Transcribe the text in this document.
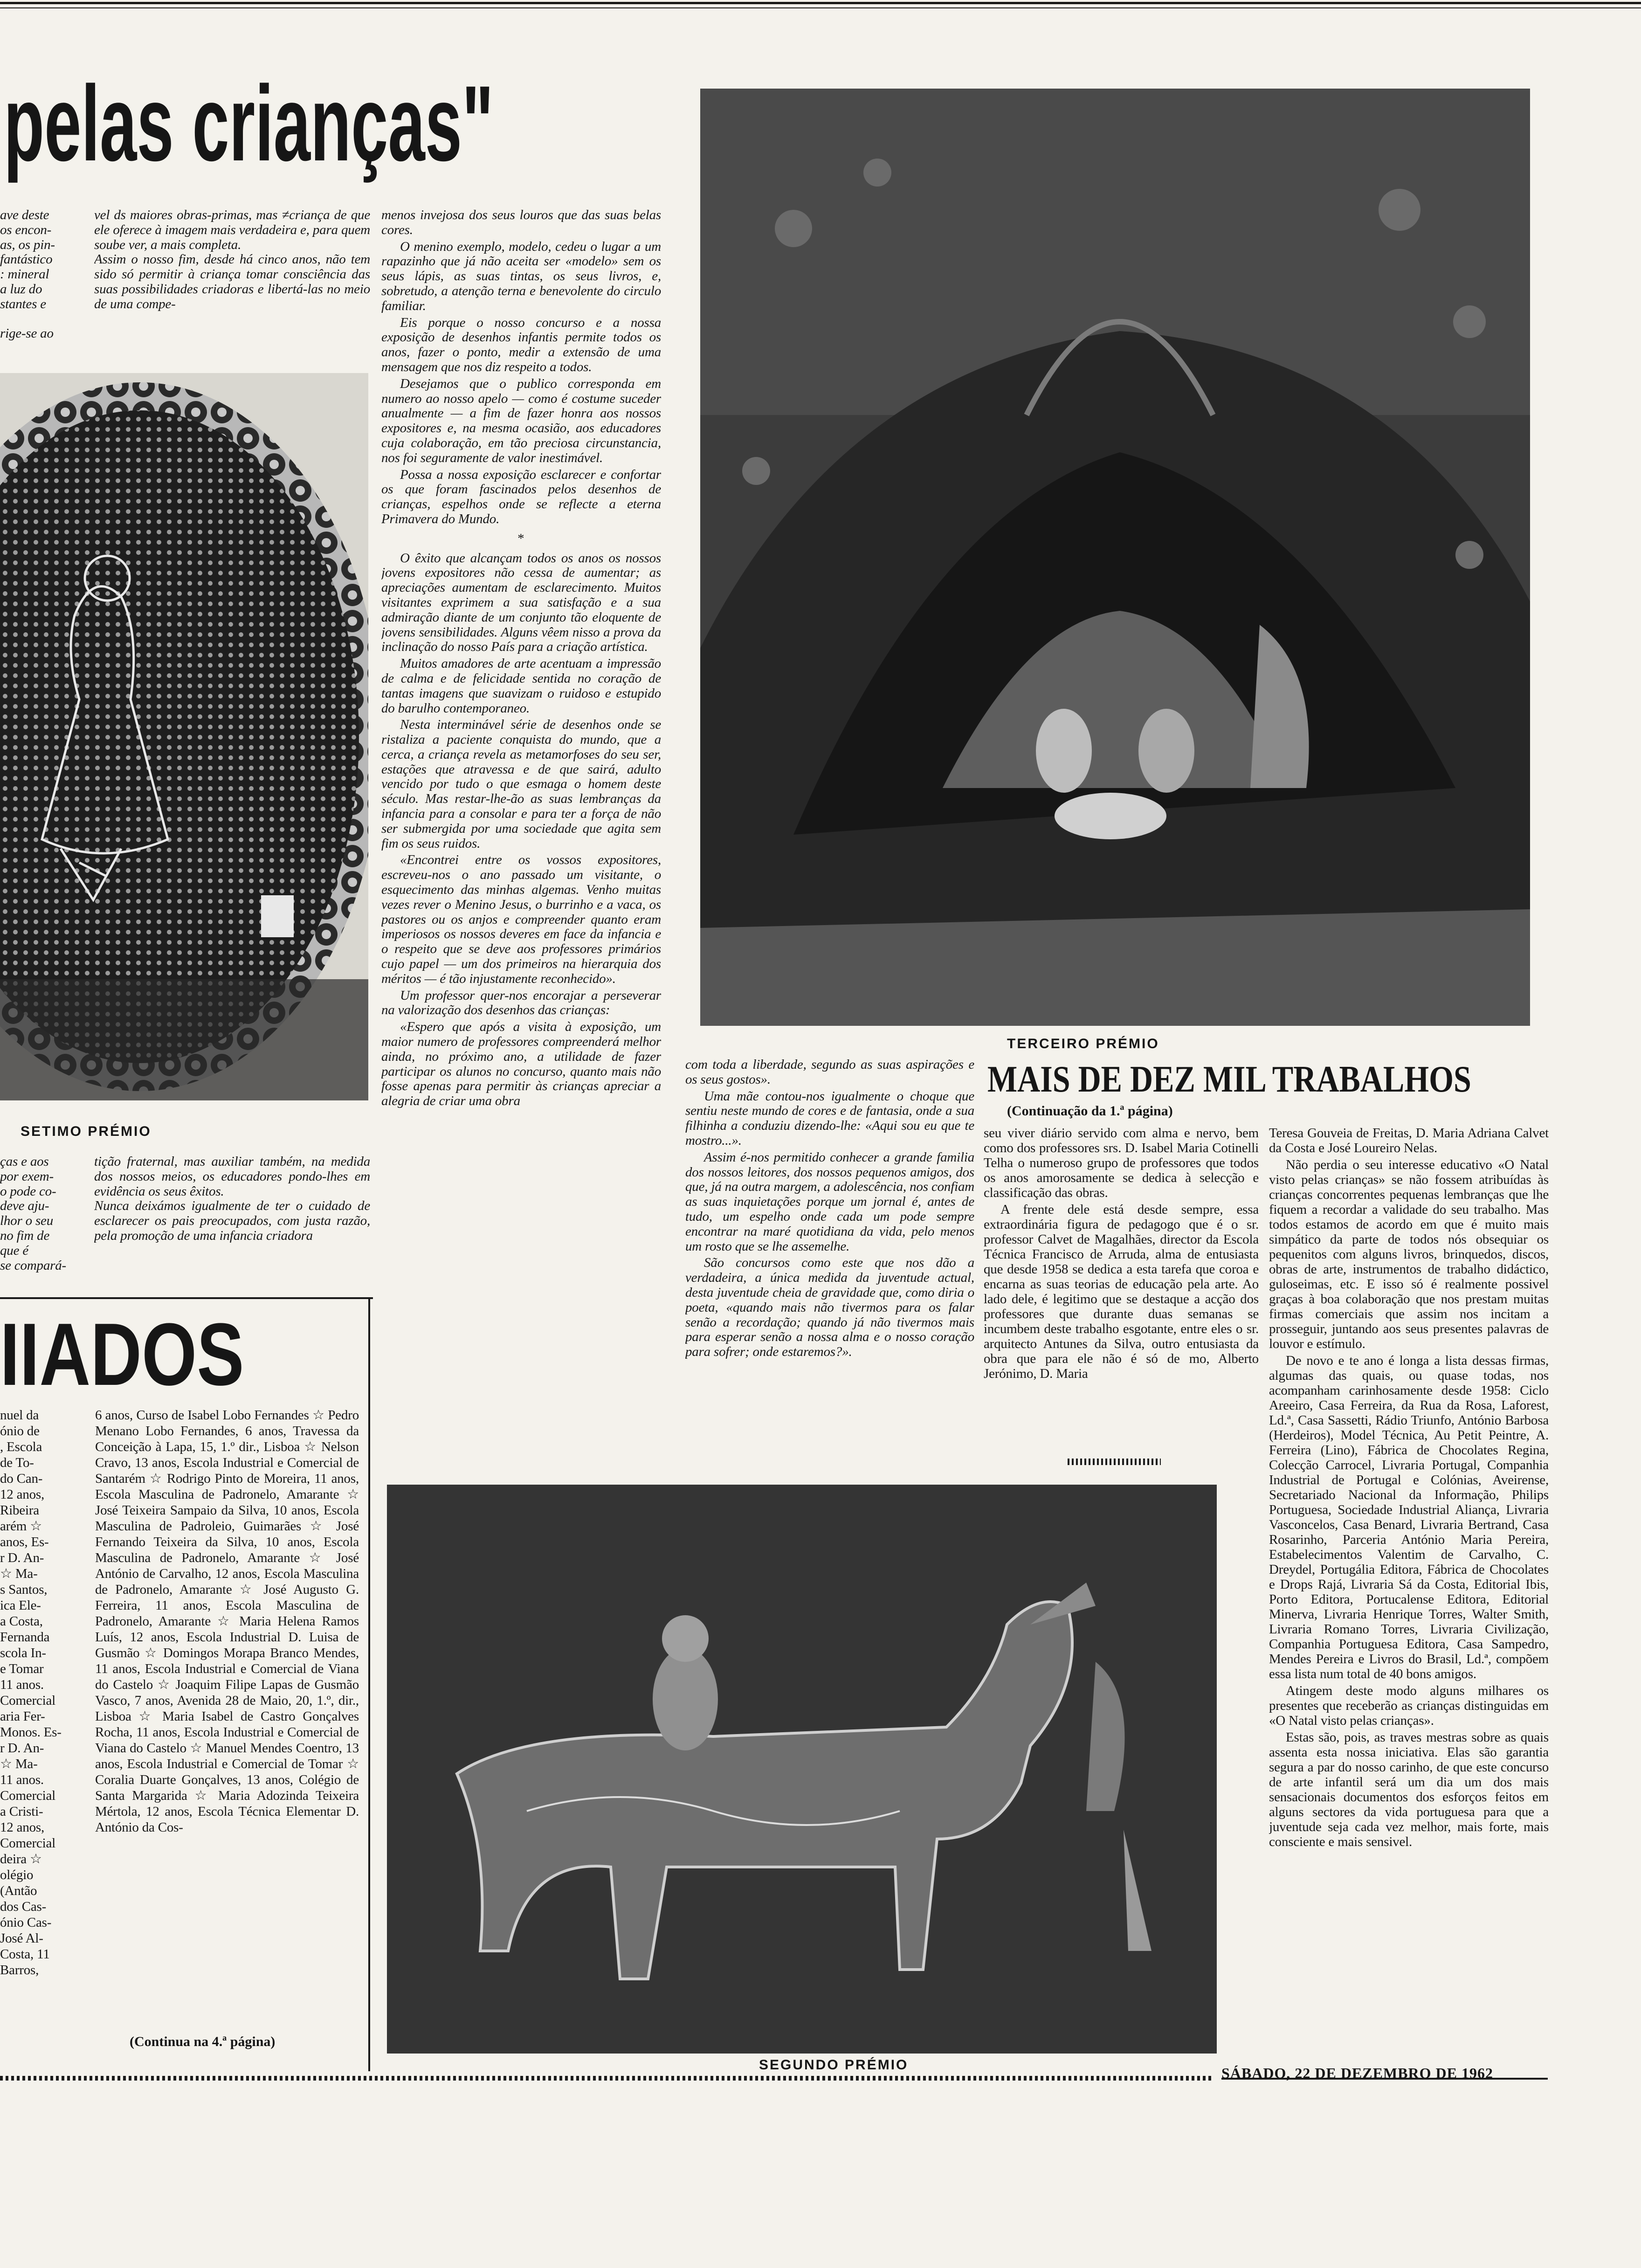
pelas crianças"
ave deste
os encon-
as, os pin-
fantástico
: mineral
a luz do
stantes e

rige-se ao
vel ds maiores obras-primas, mas ≠criança de que ele oferece à imagem mais verdadeira e, para quem soube ver, a mais completa.
Assim o nosso fim, desde há cinco anos, não tem sido só permitir à criança tomar consciência das suas possibilidades criadoras e libertá-las no meio de uma compe-
SETIMO PRÉMIO
ças e aos
por exem-
o pode co-
deve aju-
lhor o seu
no fim de
que é
se compará-
tição fraternal, mas auxiliar também, na medida dos nossos meios, os educadores pondo-lhes em evidência os seus êxitos.
Nunca deixámos igualmente de ter o cuidado de esclarecer os pais preocupados, com justa razão, pela promoção de uma infancia criadora

menos invejosa dos seus louros que das suas belas cores.

O menino exemplo, modelo, cedeu o lugar a um rapazinho que já não aceita ser «modelo» sem os seus lápis, as suas tintas, os seus livros, e, sobretudo, a atenção terna e benevolente do circulo familiar.

Eis porque o nosso concurso e a nossa exposição de desenhos infantis permite todos os anos, fazer o ponto, medir a extensão de uma mensagem que nos diz respeito a todos.

Desejamos que o publico corresponda em numero ao nosso apelo — como é costume suceder anualmente — a fim de fazer honra aos nossos expositores e, na mesma ocasião, aos educadores cuja colaboração, em tão preciosa circunstancia, nos foi seguramente de valor inestimável.

Possa a nossa exposição esclarecer e confortar os que foram fascinados pelos desenhos de crianças, espelhos onde se reflecte a eterna Primavera do Mundo.

*

O êxito que alcançam todos os anos os nossos jovens expositores não cessa de aumentar; as apreciações aumentam de esclarecimento. Muitos visitantes exprimem a sua satisfação e a sua admiração diante de um conjunto tão eloquente de jovens sensibilidades. Alguns vêem nisso a prova da inclinação do nosso País para a criação artística.

Muitos amadores de arte acentuam a impressão de calma e de felicidade sentida no coração de tantas imagens que suavizam o ruidoso e estupido do barulho contemporaneo.

Nesta interminável série de desenhos onde se ristaliza a paciente conquista do mundo, que a cerca, a criança revela as metamorfoses do seu ser, estações que atravessa e de que sairá, adulto vencido por tudo o que esmaga o homem deste século. Mas restar-lhe-ão as suas lembranças da infancia para a consolar e para ter a força de não ser submergida por uma sociedade que agita sem fim os seus ruidos.

«Encontrei entre os vossos expositores, escreveu-nos o ano passado um visitante, o esquecimento das minhas algemas. Venho muitas vezes rever o Menino Jesus, o burrinho e a vaca, os pastores ou os anjos e compreender quanto eram imperiosos os nossos deveres em face da infancia e o respeito que se deve aos professores primários cujo papel — um dos primeiros na hierarquia dos méritos — é tão injustamente reconhecido».

Um professor quer-nos encorajar a perseverar na valorização dos desenhos das crianças:

«Espero que após a visita à exposição, um maior numero de professores compreenderá melhor ainda, no próximo ano, a utilidade de fazer participar os alunos no concurso, quanto mais não fosse apenas para permitir às crianças apreciar a alegria de criar uma obra

TERCEIRO PRÉMIO
MAIS DE DEZ MIL TRABALHOS
(Continuação da 1.ª página)

com toda a liberdade, segundo as suas aspirações e os seus gostos».

Uma mãe contou-nos igualmente o choque que sentiu neste mundo de cores e de fantasia, onde a sua filhinha a conduziu dizendo-lhe: «Aqui sou eu que te mostro...».

Assim é-nos permitido conhecer a grande familia dos nossos leitores, dos nossos pequenos amigos, dos que, já na outra margem, a adolescência, nos confiam as suas inquietações porque um jornal é, antes de tudo, um espelho onde cada um pode sempre encontrar na maré quotidiana da vida, pelo menos um rosto que se lhe assemelhe.

São concursos como este que nos dão a verdadeira, a única medida da juventude actual, desta juventude cheia de gravidade que, como diria o poeta, «quando mais não tivermos para os falar senão a recordação; quando já não tivermos mais para esperar senão a nossa alma e o nosso coração para sofrer; onde estaremos?».

seu viver diário servido com alma e nervo, bem como dos professores srs. D. Isabel Maria Cotinelli Telha o numeroso grupo de professores que todos os anos amorosamente se dedica à selecção e classificação das obras.

A frente dele está desde sempre, essa extraordinária figura de pedagogo que é o sr. professor Calvet de Magalhães, director da Escola Técnica Francisco de Arruda, alma de entusiasta que desde 1958 se dedica a esta tarefa que coroa e encarna as suas teorias de educação pela arte. Ao lado dele, é legitimo que se destaque a acção dos professores que durante duas semanas se incumbem deste trabalho esgotante, entre eles o sr. arquitecto Antunes da Silva, outro entusiasta da obra que para ele não é só de mo, Alberto Jerónimo, D. Maria

Teresa Gouveia de Freitas, D. Maria Adriana Calvet da Costa e José Loureiro Nelas.

Não perdia o seu interesse educativo «O Natal visto pelas crianças» se não fossem atribuídas às crianças concorrentes pequenas lembranças que lhe fiquem a recordar a validade do seu trabalho. Mas todos estamos de acordo em que é muito mais simpático da parte de todos nós obsequiar os pequenitos com alguns livros, brinquedos, discos, obras de arte, instrumentos de trabalho didáctico, guloseimas, etc. E isso só é realmente possivel graças à boa colaboração que nos prestam muitas firmas comerciais que assim nos incitam a prosseguir, juntando aos seus presentes palavras de louvor e estímulo.

De novo e te ano é longa a lista dessas firmas, algumas das quais, ou quase todas, nos acompanham carinhosamente desde 1958: Ciclo Areeiro, Casa Ferreira, da Rua da Rosa, Laforest, Ld.ª, Casa Sassetti, Rádio Triunfo, António Barbosa (Herdeiros), Model Técnica, Au Petit Peintre, A. Ferreira (Lino), Fábrica de Chocolates Regina, Colecção Carrocel, Livraria Portugal, Companhia Industrial de Portugal e Colónias, Aveirense, Secretariado Nacional da Informação, Philips Portuguesa, Sociedade Industrial Aliança, Livraria Vasconcelos, Casa Benard, Livraria Bertrand, Casa Rosarinho, Parceria António Maria Pereira, Estabelecimentos Valentim de Carvalho, C. Dreydel, Portugália Editora, Fábrica de Chocolates e Drops Rajá, Livraria Sá da Costa, Editorial Ibis, Porto Editora, Portucalense Editora, Editorial Minerva, Livraria Henrique Torres, Walter Smith, Livraria Romano Torres, Livraria Civilização, Companhia Portuguesa Editora, Casa Sampedro, Mendes Pereira e Livros do Brasil, Ld.ª, compõem essa lista num total de 40 bons amigos.

Atingem deste modo alguns milhares os presentes que receberão as crianças distinguidas em «O Natal visto pelas crianças».

Estas são, pois, as traves mestras sobre as quais assenta esta nossa iniciativa. Elas são garantia segura a par do nosso carinho, de que este concurso de arte infantil será um dia um dos mais sensacionais documentos dos esforços feitos em alguns sectores da vida portuguesa para que a juventude seja cada vez melhor, mais forte, mais consciente e mais sensivel.

SEGUNDO PRÉMIO
IIADOS
nuel da
ónio de
, Escola
de To-
do Can-
12 anos,
Ribeira
arém ☆
anos, Es-
r D. An-
☆ Ma-
s Santos,
ica Ele-
a Costa,
Fernanda
scola In-
e Tomar
11 anos.
Comercial
aria Fer-
Monos. Es-
r D. An-
☆ Ma-
11 anos.
Comercial
a Cristi-
12 anos,
Comercial
deira ☆
olégio
(Antão
dos Cas-
ónio Cas-
José Al-
Costa, 11
Barros,
6 anos, Curso de Isabel Lobo Fernandes ☆ Pedro Menano Lobo Fernandes, 6 anos, Travessa da Conceição à Lapa, 15, 1.º dir., Lisboa ☆ Nelson Cravo, 13 anos, Escola Industrial e Comercial de Santarém ☆ Rodrigo Pinto de Moreira, 11 anos, Escola Masculina de Padronelo, Amarante ☆ José Teixeira Sampaio da Silva, 10 anos, Escola Masculina de Padroleio, Guimarães ☆ José Fernando Teixeira da Silva, 10 anos, Escola Masculina de Padronelo, Amarante ☆ José António de Carvalho, 12 anos, Escola Masculina de Padronelo, Amarante ☆ José Augusto G. Ferreira, 11 anos, Escola Masculina de Padronelo, Amarante ☆ Maria Helena Ramos Luís, 12 anos, Escola Industrial D. Luisa de Gusmão ☆ Domingos Morapa Branco Mendes, 11 anos, Escola Industrial e Comercial de Viana do Castelo ☆ Joaquim Filipe Lapas de Gusmão Vasco, 7 anos, Avenida 28 de Maio, 20, 1.º, dir., Lisboa ☆ Maria Isabel de Castro Gonçalves Rocha, 11 anos, Escola Industrial e Comercial de Viana do Castelo ☆ Manuel Mendes Coentro, 13 anos, Escola Industrial e Comercial de Tomar ☆ Coralia Duarte Gonçalves, 13 anos, Colégio de Santa Margarida ☆ Maria Adozinda Teixeira Mértola, 12 anos, Escola Técnica Elementar D. António da Cos-
(Continua na 4.ª página)
SÁBADO, 22 DE DEZEMBRO DE 1962
